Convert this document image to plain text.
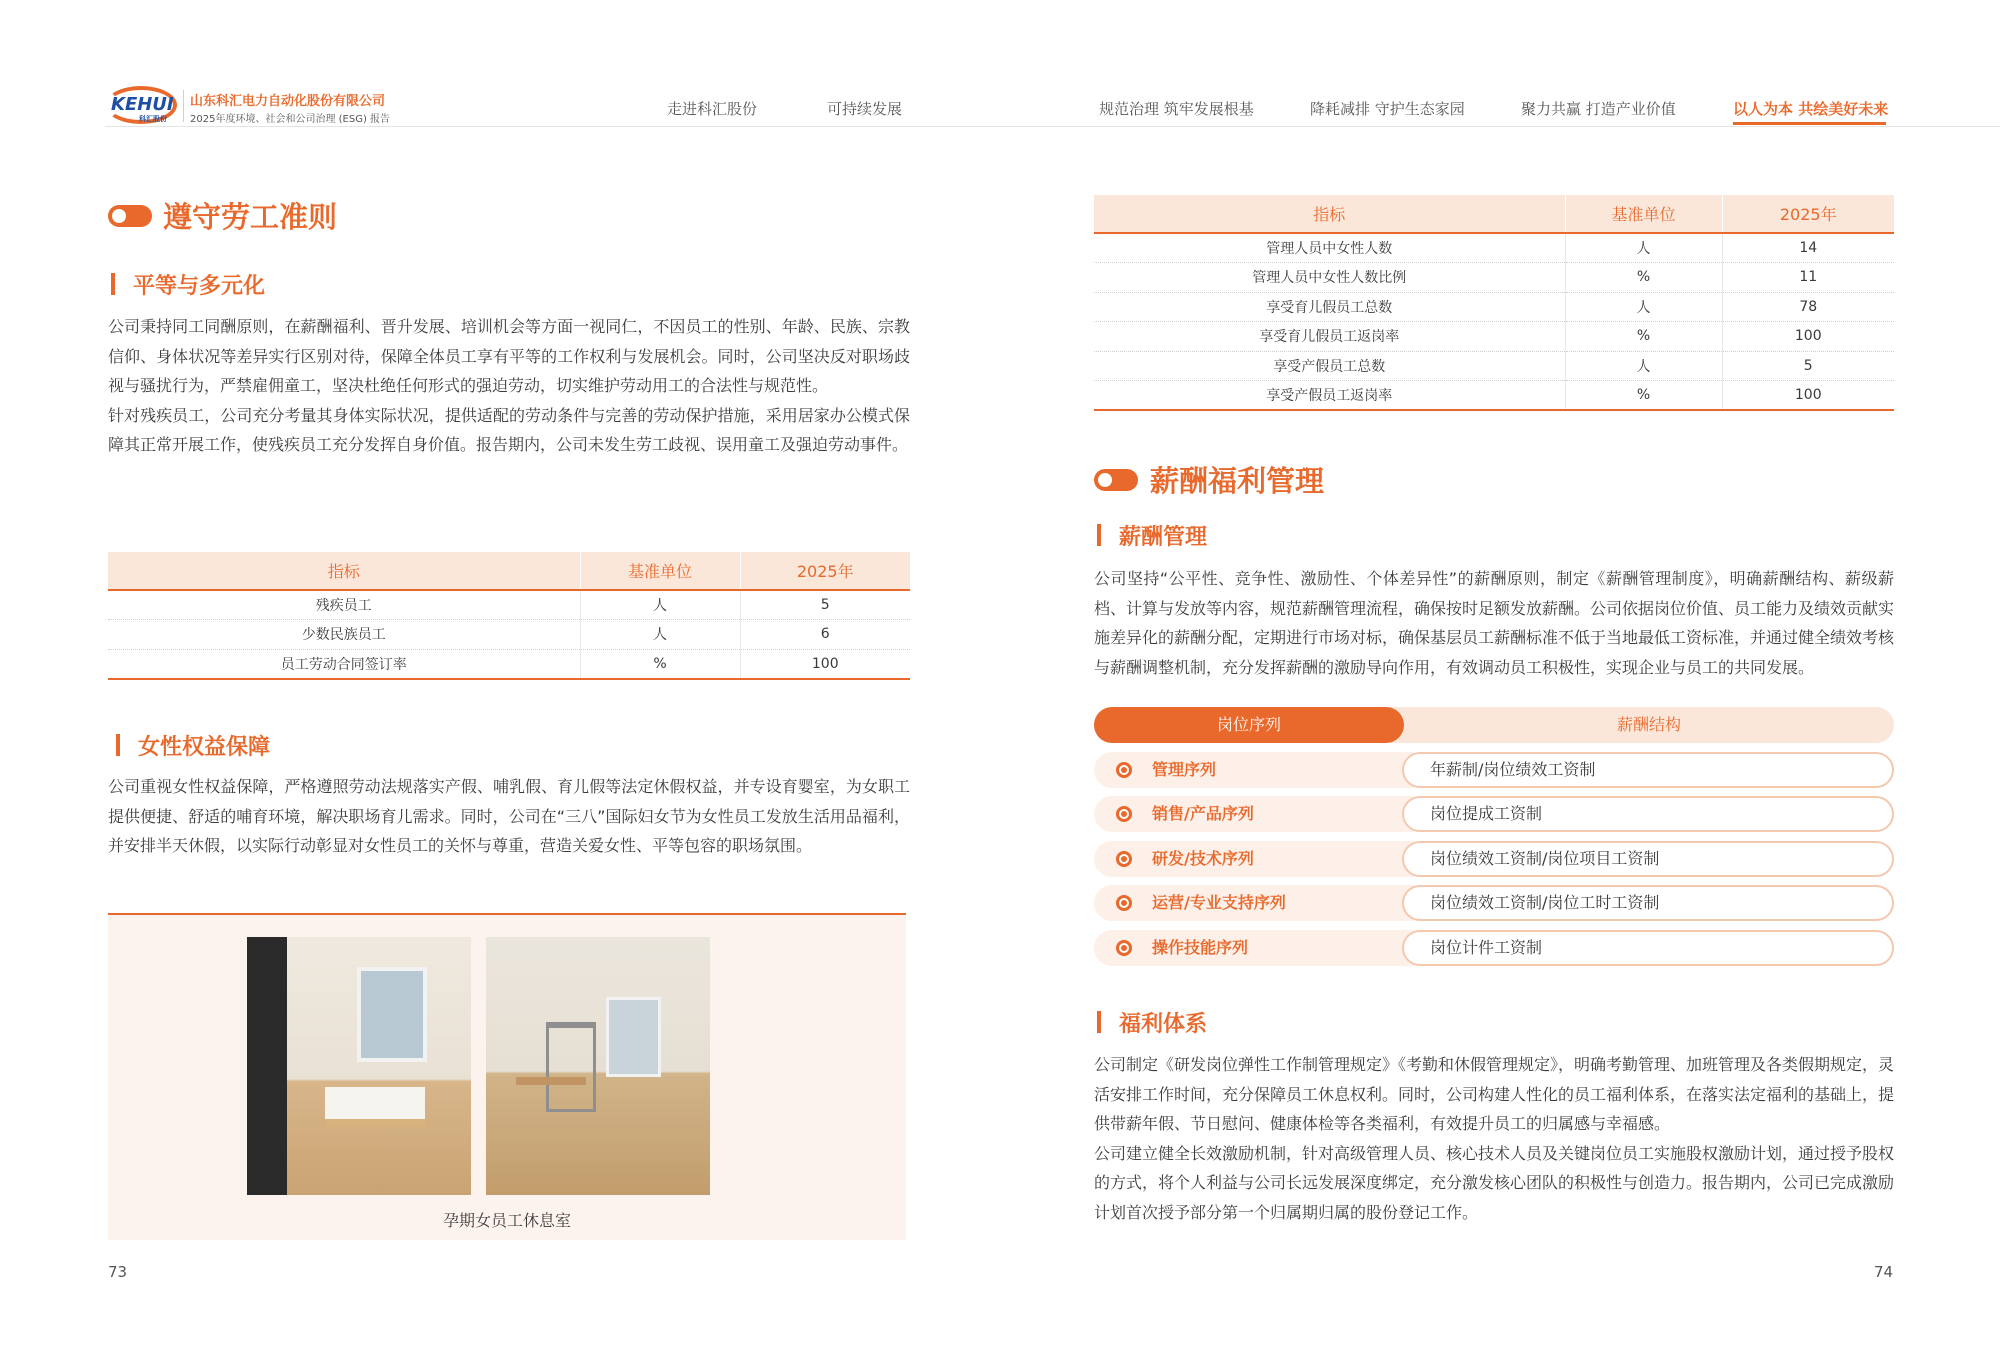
KEHUI
科汇股份
山东科汇电力自动化股份有限公司
2025年度环境、社会和公司治理 (ESG) 报告
走进科汇股份	可持续发展	规范治理 筑牢发展根基	降耗减排 守护生态家园	聚力共赢 打造产业价值	以人为本 共绘美好未来
遵守劳工准则
平等与多元化

公司秉持同工同酬原则，在薪酬福利、晋升发展、培训机会等方面一视同仁，不因员工的性别、年龄、民族、宗教信仰、身体状况等差异实行区别对待，保障全体员工享有平等的工作权利与发展机会。同时，公司坚决反对职场歧视与骚扰行为，严禁雇佣童工，坚决杜绝任何形式的强迫劳动，切实维护劳动用工的合法性与规范性。

针对残疾员工，公司充分考量其身体实际状况，提供适配的劳动条件与完善的劳动保护措施，采用居家办公模式保障其正常开展工作，使残疾员工充分发挥自身价值。报告期内，公司未发生劳工歧视、误用童工及强迫劳动事件。

指标	基准单位	2025年
残疾员工	人	5
少数民族员工	人	6
员工劳动合同签订率	%	100
女性权益保障

公司重视女性权益保障，严格遵照劳动法规落实产假、哺乳假、育儿假等法定休假权益，并专设育婴室，为女职工提供便捷、舒适的哺育环境，解决职场育儿需求。同时，公司在“三八”国际妇女节为女性员工发放生活用品福利，并安排半天休假，以实际行动彰显对女性员工的关怀与尊重，营造关爱女性、平等包容的职场氛围。

孕期女员工休息室
73
指标	基准单位	2025年
管理人员中女性人数	人	14
管理人员中女性人数比例	%	11
享受育儿假员工总数	人	78
享受育儿假员工返岗率	%	100
享受产假员工总数	人	5
享受产假员工返岗率	%	100
薪酬福利管理
薪酬管理

公司坚持“公平性、竞争性、激励性、个体差异性”的薪酬原则，制定《薪酬管理制度》，明确薪酬结构、薪级薪档、计算与发放等内容，规范薪酬管理流程，确保按时足额发放薪酬。公司依据岗位价值、员工能力及绩效贡献实施差异化的薪酬分配，定期进行市场对标，确保基层员工薪酬标准不低于当地最低工资标准，并通过健全绩效考核与薪酬调整机制，充分发挥薪酬的激励导向作用，有效调动员工积极性，实现企业与员工的共同发展。

岗位序列	薪酬结构
管理序列	年薪制/岗位绩效工资制
销售/产品序列	岗位提成工资制
研发/技术序列	岗位绩效工资制/岗位项目工资制
运营/专业支持序列	岗位绩效工资制/岗位工时工资制
操作技能序列	岗位计件工资制
福利体系

公司制定《研发岗位弹性工作制管理规定》《考勤和休假管理规定》，明确考勤管理、加班管理及各类假期规定，灵活安排工作时间，充分保障员工休息权利。同时，公司构建人性化的员工福利体系，在落实法定福利的基础上，提供带薪年假、节日慰问、健康体检等各类福利，有效提升员工的归属感与幸福感。

公司建立健全长效激励机制，针对高级管理人员、核心技术人员及关键岗位员工实施股权激励计划，通过授予股权的方式，将个人利益与公司长远发展深度绑定，充分激发核心团队的积极性与创造力。报告期内，公司已完成激励计划首次授予部分第一个归属期归属的股份登记工作。

74
